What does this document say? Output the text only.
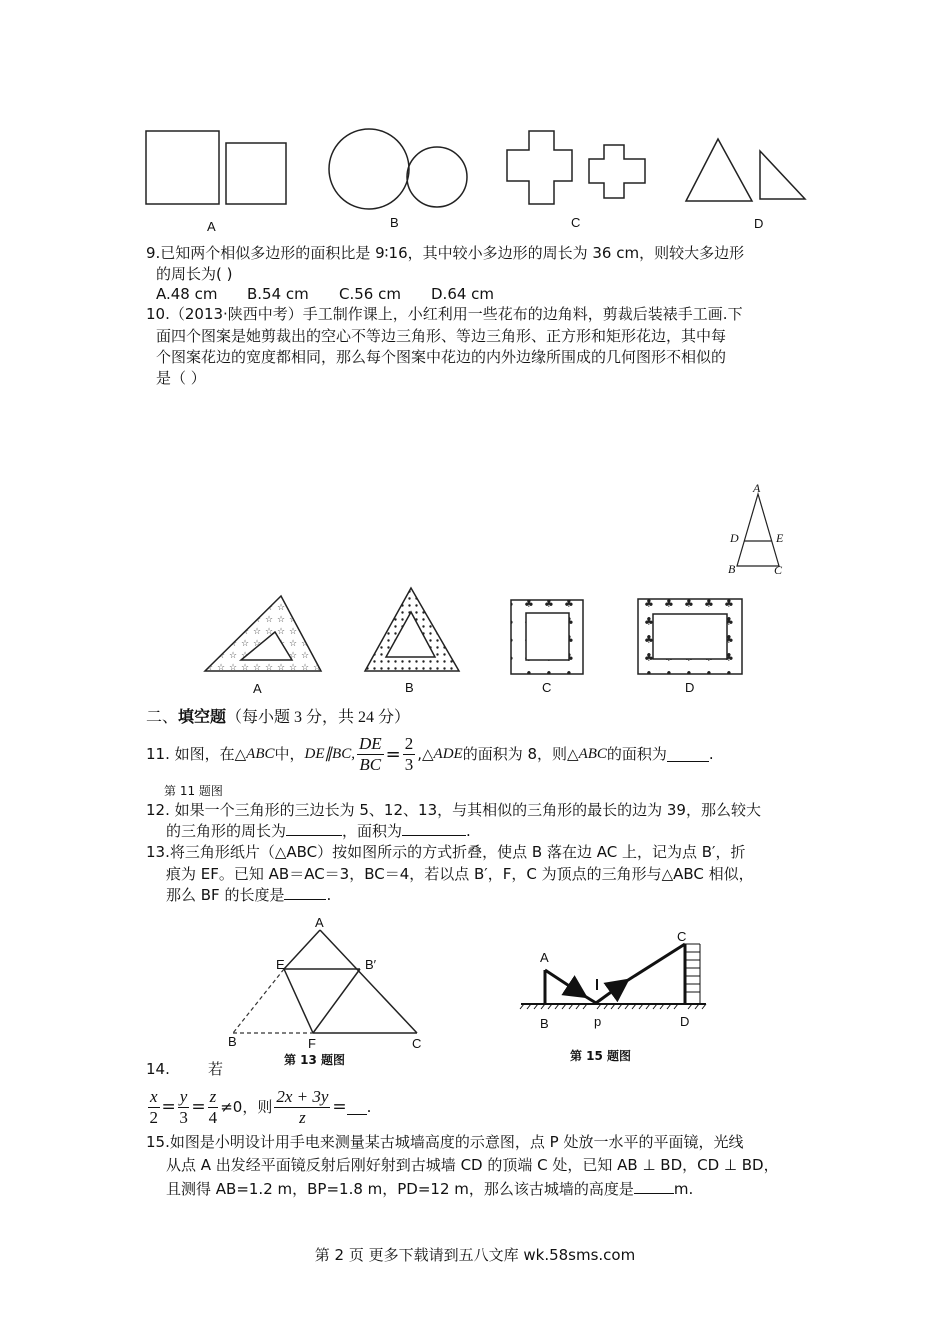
A	B	C	D
9.已知两个相似多边形的面积比是 9∶16，其中较小多边形的周长为 36 cm，则较大多边形
的周长为( )
A.48 cm B.54 cm C.56 cm D.64 cm
10.（2013·陕西中考）手工制作课上，小红利用一些花布的边角料，剪裁后装裱手工画.下
面四个图案是她剪裁出的空心不等边三角形、等边三角形、正方形和矩形花边，其中每
个图案花边的宽度都相同，那么每个图案中花边的内外边缘所围成的几何图形不相似的
是（ ）
A
D	E
B	C
A	B	C	D
二、填空题（每小题 3 分，共 24 分）
11. 如图，在△ ABC 中， DE∥BC, $\frac{DE}{BC} = \frac{2}{3}$ ,△ ADE 的面积为 8，则△ ABC 的面积为	.
第 11 题图
12. 如果一个三角形的三边长为 5、12、13，与其相似的三角形的最长的边为 39，那么较大
的三角形的周长为	，面积为	.
13.将三角形纸片（△ABC）按如图所示的方式折叠，使点 B 落在边 AC 上，记为点 B′，折
痕为 EF。已知 AB＝AC＝3，BC＝4，若以点 B′，F，C 为顶点的三角形与△ABC 相似，
那么 BF 的长度是	.
A
E	B′
B	F	C
第 13 题图
A
B	p	D
C
第 15 题图
14.        若
$\frac{x}{2} = \frac{y}{3} = \frac{z}{4} \ne 0$，则 $\frac{2x + 3y}{z}$ = .
15.如图是小明设计用手电来测量某古城墙高度的示意图，点 P 处放一水平的平面镜，光线
从点 A 出发经平面镜反射后刚好射到古城墙 CD 的顶端 C 处，已知 AB ⊥ BD，CD ⊥ BD，
且测得 AB=1.2 m，BP=1.8 m，PD=12 m，那么该古城墙的高度是	m.
第 2 页 更多下载请到五八文库 wk.58sms.com
